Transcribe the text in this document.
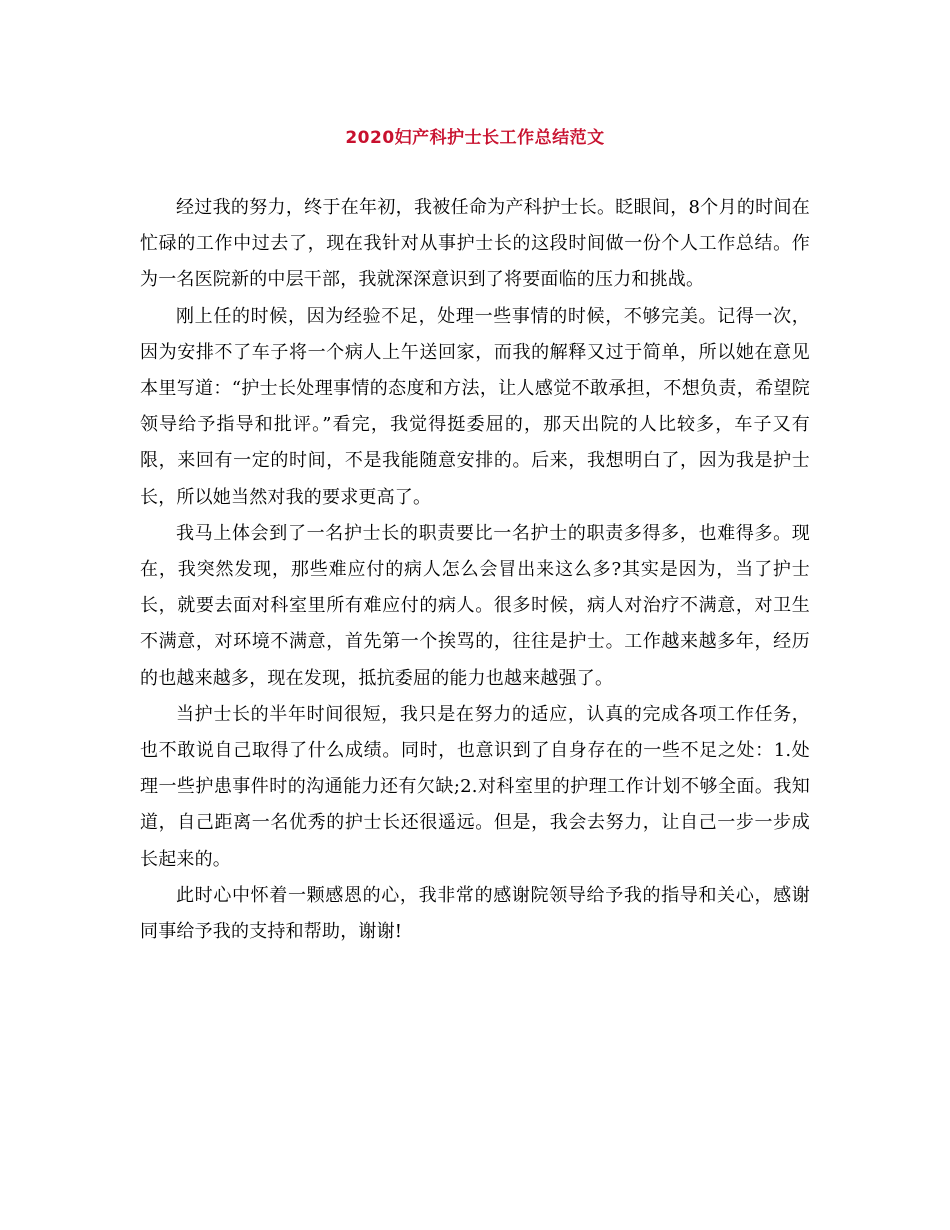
2020妇产科护士长工作总结范文

经过我的努力，终于在年初，我被任命为产科护士长。眨眼间，8个月的时间在忙碌的工作中过去了，现在我针对从事护士长的这段时间做一份个人工作总结。作为一名医院新的中层干部，我就深深意识到了将要面临的压力和挑战。

刚上任的时候，因为经验不足，处理一些事情的时候，不够完美。记得一次，因为安排不了车子将一个病人上午送回家，而我的解释又过于简单，所以她在意见本里写道：“护士长处理事情的态度和方法，让人感觉不敢承担，不想负责，希望院领导给予指导和批评。”看完，我觉得挺委屈的，那天出院的人比较多，车子又有限，来回有一定的时间，不是我能随意安排的。后来，我想明白了，因为我是护士长，所以她当然对我的要求更高了。

我马上体会到了一名护士长的职责要比一名护士的职责多得多，也难得多。现在，我突然发现，那些难应付的病人怎么会冒出来这么多?其实是因为，当了护士长，就要去面对科室里所有难应付的病人。很多时候，病人对治疗不满意，对卫生不满意，对环境不满意，首先第一个挨骂的，往往是护士。工作越来越多年，经历的也越来越多，现在发现，抵抗委屈的能力也越来越强了。

当护士长的半年时间很短，我只是在努力的适应，认真的完成各项工作任务，也不敢说自己取得了什么成绩。同时，也意识到了自身存在的一些不足之处：1.处理一些护患事件时的沟通能力还有欠缺;2.对科室里的护理工作计划不够全面。我知道，自己距离一名优秀的护士长还很遥远。但是，我会去努力，让自己一步一步成长起来的。

此时心中怀着一颗感恩的心，我非常的感谢院领导给予我的指导和关心，感谢同事给予我的支持和帮助，谢谢!
